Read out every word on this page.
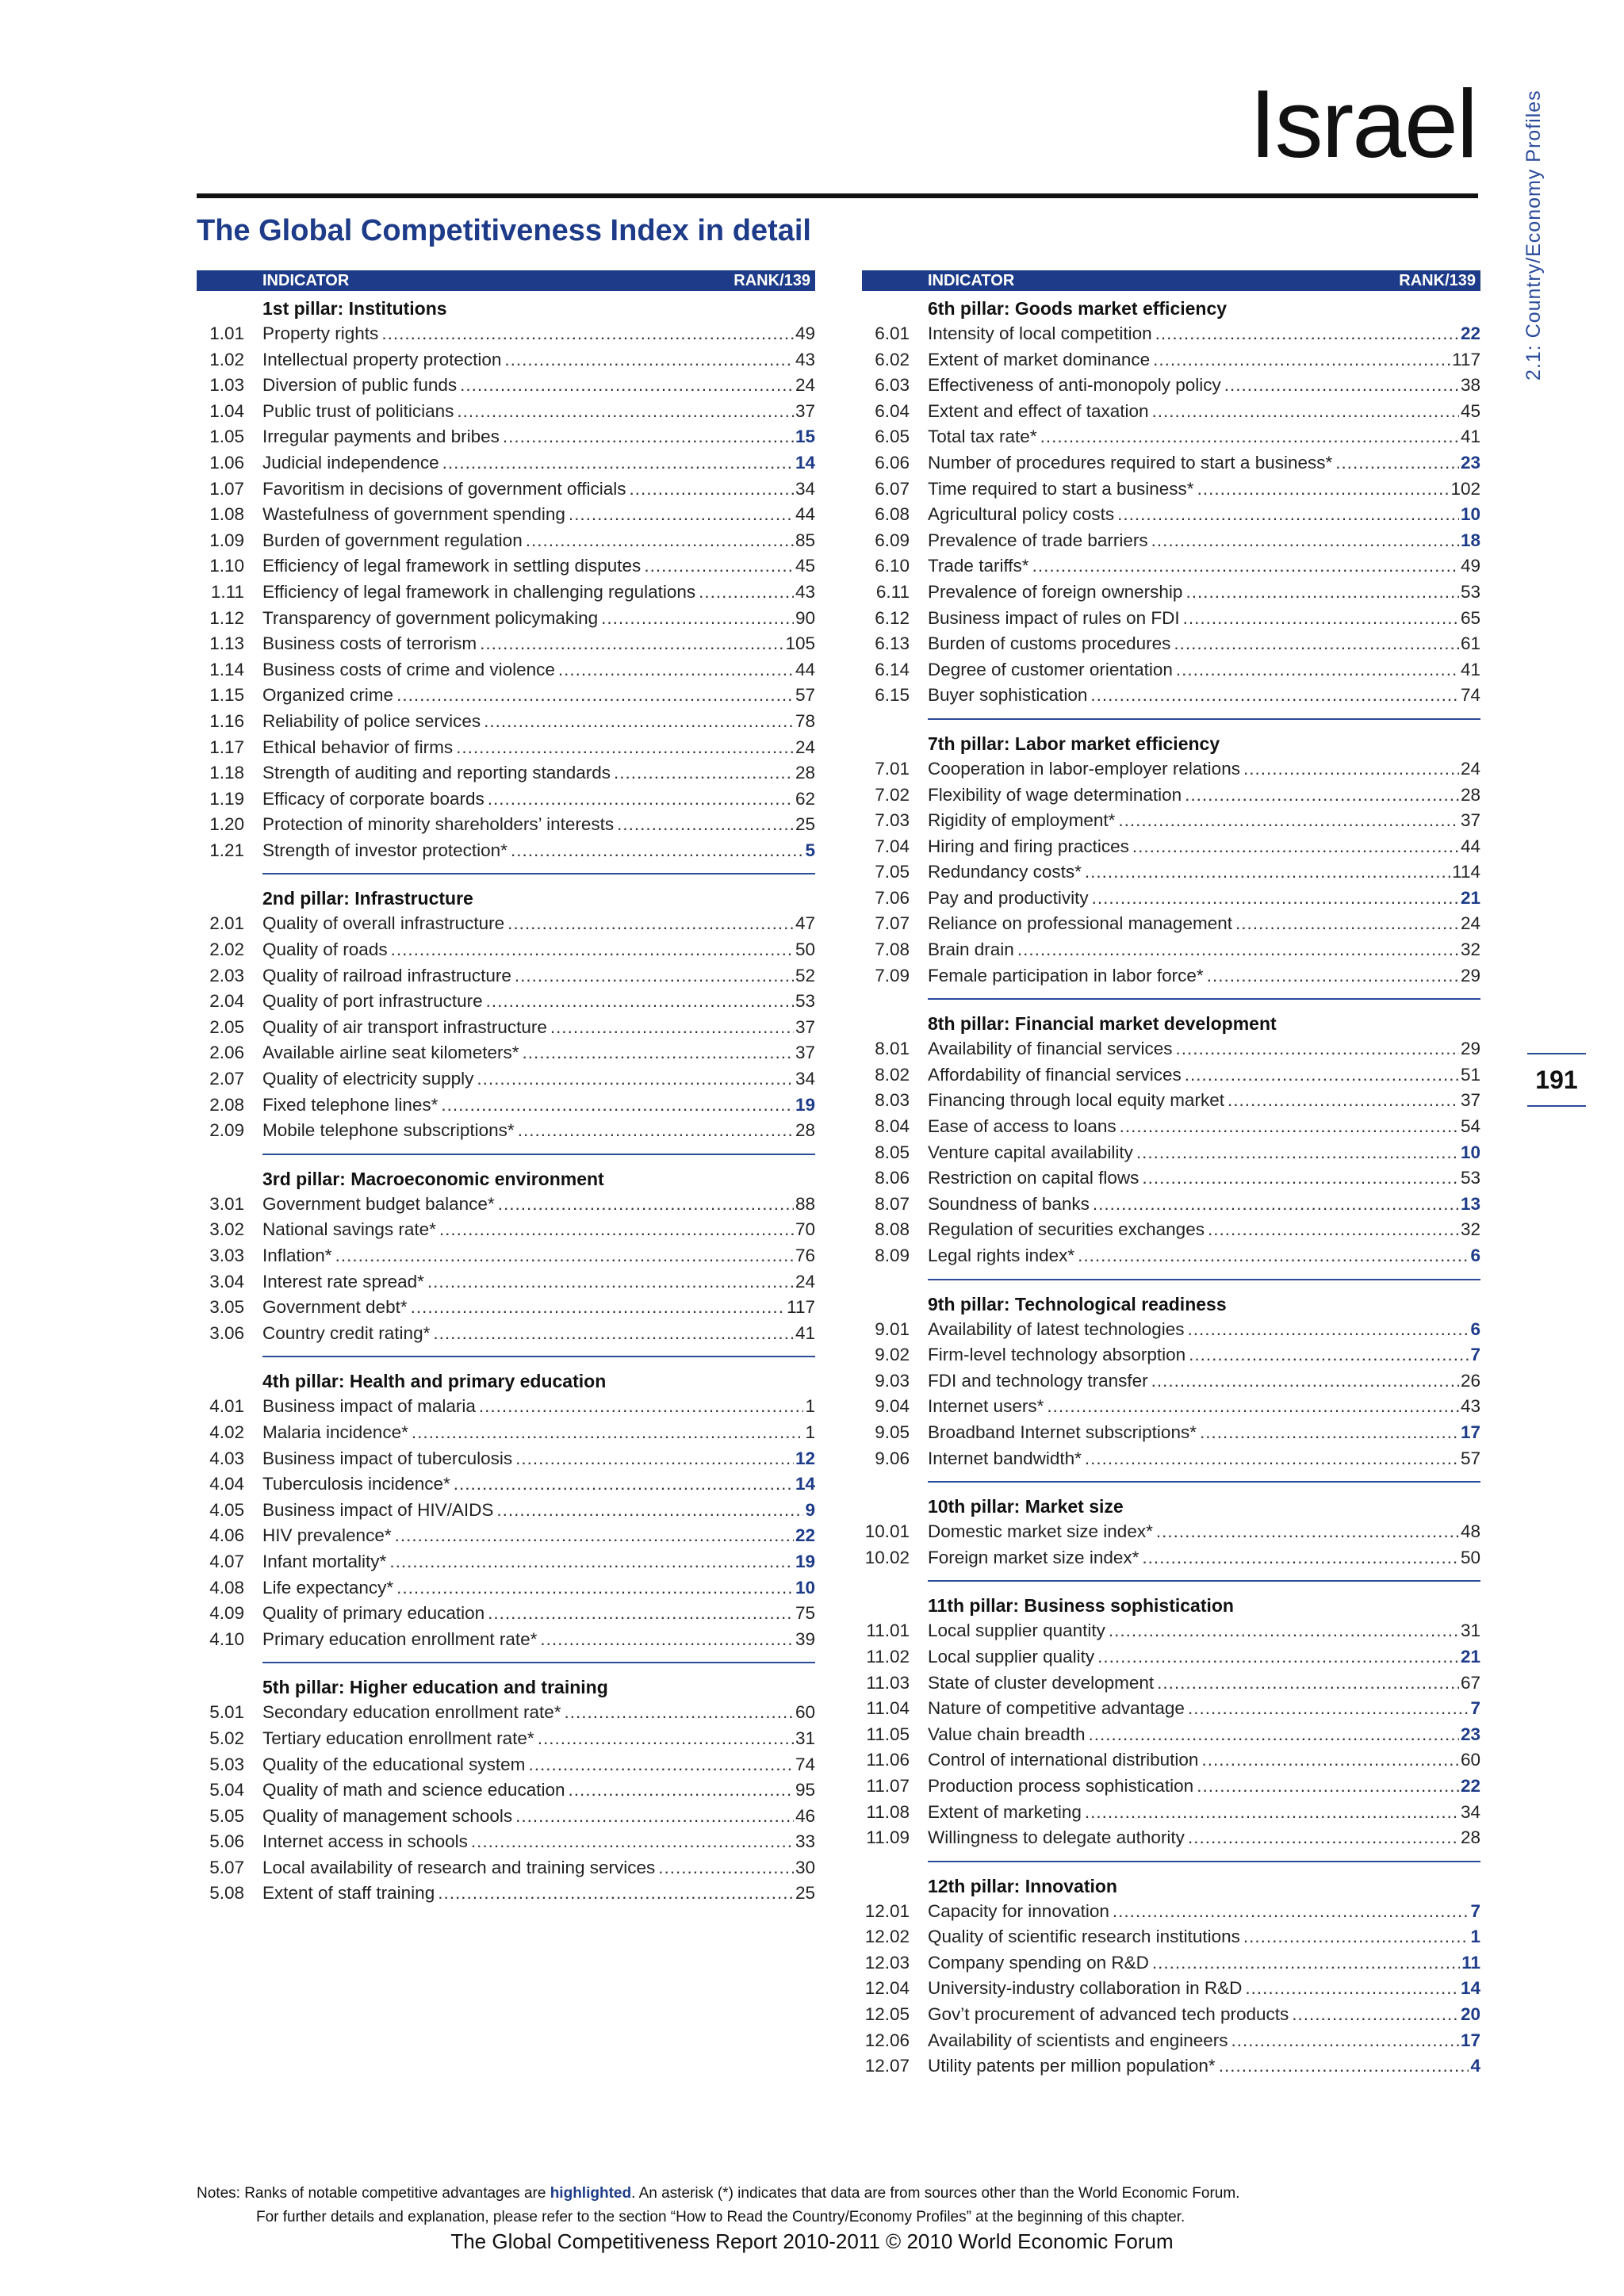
Israel
The Global Competitiveness Index in detail	2.1: Country/Economy Profiles
191
INDICATOR	RANK/139
1st pillar: Institutions
1.01 Property rights .....	49
1.02 Intellectual property protection .....	43
1.03 Diversion of public funds .....	24
1.04 Public trust of politicians .....	37
1.05 Irregular payments and bribes .....	15
1.06 Judicial independence .....	14
1.07 Favoritism in decisions of government officials .....	34
1.08 Wastefulness of government spending .....	44
1.09 Burden of government regulation .....	85
1.10 Efficiency of legal framework in settling disputes .....	45
1.11 Efficiency of legal framework in challenging regulations .....	43
1.12 Transparency of government policymaking .....	90
1.13 Business costs of terrorism .....	105
1.14 Business costs of crime and violence .....	44
1.15 Organized crime .....	57
1.16 Reliability of police services .....	78
1.17 Ethical behavior of firms .....	24
1.18 Strength of auditing and reporting standards .....	28
1.19 Efficacy of corporate boards .....	62
1.20 Protection of minority shareholders’ interests .....	25
1.21 Strength of investor protection* .....	5
2nd pillar: Infrastructure
2.01 Quality of overall infrastructure .....	47
2.02 Quality of roads .....	50
2.03 Quality of railroad infrastructure .....	52
2.04 Quality of port infrastructure .....	53
2.05 Quality of air transport infrastructure .....	37
2.06 Available airline seat kilometers* .....	37
2.07 Quality of electricity supply .....	34
2.08 Fixed telephone lines* .....	19
2.09 Mobile telephone subscriptions* .....	28
3rd pillar: Macroeconomic environment
3.01 Government budget balance* .....	88
3.02 National savings rate* .....	70
3.03 Inflation* .....	76
3.04 Interest rate spread* .....	24
3.05 Government debt* .....	117
3.06 Country credit rating* .....	41
4th pillar: Health and primary education
4.01 Business impact of malaria .....	1
4.02 Malaria incidence* .....	1
4.03 Business impact of tuberculosis .....	12
4.04 Tuberculosis incidence* .....	14
4.05 Business impact of HIV/AIDS .....	9
4.06 HIV prevalence* .....	22
4.07 Infant mortality* .....	19
4.08 Life expectancy* .....	10
4.09 Quality of primary education .....	75
4.10 Primary education enrollment rate* .....	39
5th pillar: Higher education and training
5.01 Secondary education enrollment rate* .....	60
5.02 Tertiary education enrollment rate* .....	31
5.03 Quality of the educational system .....	74
5.04 Quality of math and science education .....	95
5.05 Quality of management schools .....	46
5.06 Internet access in schools .....	33
5.07 Local availability of research and training services .....	30
5.08 Extent of staff training .....	25
INDICATOR	RANK/139
6th pillar: Goods market efficiency
6.01 Intensity of local competition .....	22
6.02 Extent of market dominance .....	117
6.03 Effectiveness of anti-monopoly policy .....	38
6.04 Extent and effect of taxation .....	45
6.05 Total tax rate* .....	41
6.06 Number of procedures required to start a business* .....	23
6.07 Time required to start a business* .....	102
6.08 Agricultural policy costs .....	10
6.09 Prevalence of trade barriers .....	18
6.10 Trade tariffs* .....	49
6.11 Prevalence of foreign ownership .....	53
6.12 Business impact of rules on FDI .....	65
6.13 Burden of customs procedures .....	61
6.14 Degree of customer orientation .....	41
6.15 Buyer sophistication .....	74
7th pillar: Labor market efficiency
7.01 Cooperation in labor-employer relations .....	24
7.02 Flexibility of wage determination .....	28
7.03 Rigidity of employment* .....	37
7.04 Hiring and firing practices .....	44
7.05 Redundancy costs* .....	114
7.06 Pay and productivity .....	21
7.07 Reliance on professional management .....	24
7.08 Brain drain .....	32
7.09 Female participation in labor force* .....	29
8th pillar: Financial market development
8.01 Availability of financial services .....	29
8.02 Affordability of financial services .....	51
8.03 Financing through local equity market .....	37
8.04 Ease of access to loans .....	54
8.05 Venture capital availability .....	10
8.06 Restriction on capital flows .....	53
8.07 Soundness of banks .....	13
8.08 Regulation of securities exchanges .....	32
8.09 Legal rights index* .....	6
9th pillar: Technological readiness
9.01 Availability of latest technologies .....	6
9.02 Firm-level technology absorption .....	7
9.03 FDI and technology transfer .....	26
9.04 Internet users* .....	43
9.05 Broadband Internet subscriptions* .....	17
9.06 Internet bandwidth* .....	57
10th pillar: Market size
10.01 Domestic market size index* .....	48
10.02 Foreign market size index* .....	50
11th pillar: Business sophistication
11.01 Local supplier quantity .....	31
11.02 Local supplier quality .....	21
11.03 State of cluster development .....	67
11.04 Nature of competitive advantage .....	7
11.05 Value chain breadth .....	23
11.06 Control of international distribution .....	60
11.07 Production process sophistication .....	22
11.08 Extent of marketing .....	34
11.09 Willingness to delegate authority .....	28
12th pillar: Innovation
12.01 Capacity for innovation .....	7
12.02 Quality of scientific research institutions .....	1
12.03 Company spending on R&D .....	11
12.04 University-industry collaboration in R&D .....	14
12.05 Gov’t procurement of advanced tech products .....	20
12.06 Availability of scientists and engineers .....	17
12.07 Utility patents per million population* .....	4
Notes: Ranks of notable competitive advantages are highlighted. An asterisk (*) indicates that data are from sources other than the World Economic Forum.
For further details and explanation, please refer to the section “How to Read the Country/Economy Profiles” at the beginning of this chapter.
The Global Competitiveness Report 2010-2011 © 2010 World Economic Forum
